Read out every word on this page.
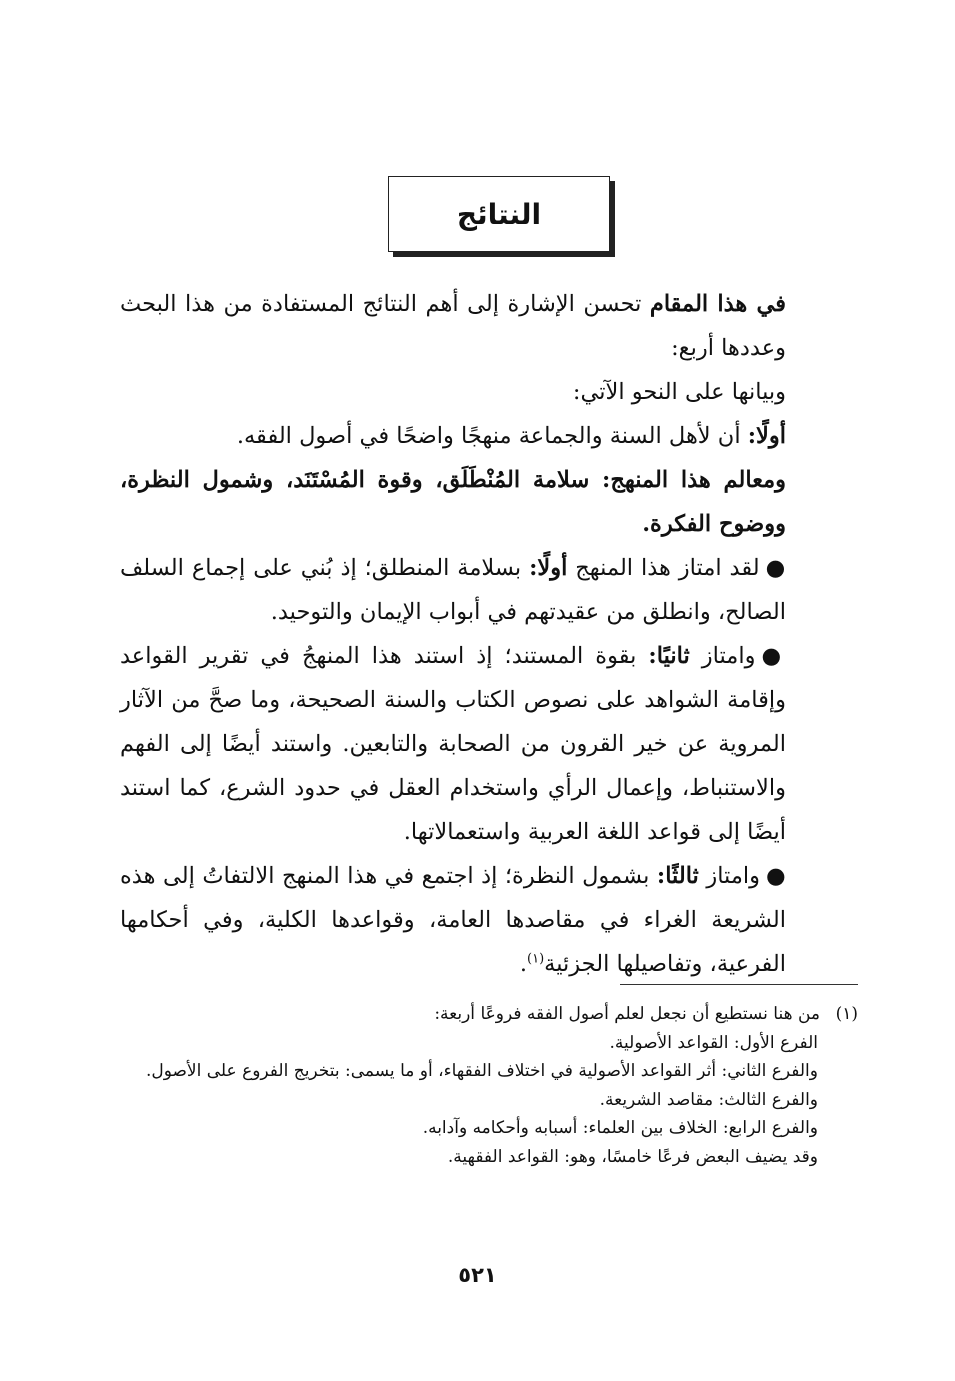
النتائج

في هذا المقام تحسن الإشارة إلى أهم النتائج المستفادة من هذا البحث وعددها أربع:

وبيانها على النحو الآتي:

أولًا: أن لأهل السنة والجماعة منهجًا واضحًا في أصول الفقه.

ومعالم هذا المنهج: سلامة المُنْطَلَق، وقوة المُسْتَنَد، وشمول النظرة، ووضوح الفكرة.

●لقد امتاز هذا المنهج أولًا: بسلامة المنطلق؛ إذ بُني على إجماع السلف الصالح، وانطلق من عقيدتهم في أبواب الإيمان والتوحيد.

●وامتاز ثانيًا: بقوة المستند؛ إذ استند هذا المنهجُ في تقرير القواعد وإقامة الشواهد على نصوص الكتاب والسنة الصحيحة، وما صحَّ من الآثار المروية عن خير القرون من الصحابة والتابعين. واستند أيضًا إلى الفهم والاستنباط، وإعمال الرأي واستخدام العقل في حدود الشرع، كما استند أيضًا إلى قواعد اللغة العربية واستعمالاتها.

●وامتاز ثالثًا: بشمول النظرة؛ إذ اجتمع في هذا المنهج الالتفاتُ إلى هذه الشريعة الغراء في مقاصدها العامة، وقواعدها الكلية، وفي أحكامها الفرعية، وتفاصيلها الجزئية$^{(١)}$.

(١)من هنا نستطيع أن نجعل لعلم أصول الفقه فروعًا أربعة:

الفرع الأول: القواعد الأصولية.

والفرع الثاني: أثر القواعد الأصولية في اختلاف الفقهاء، أو ما يسمى: بتخريج الفروع على الأصول.

والفرع الثالث: مقاصد الشريعة.

والفرع الرابع: الخلاف بين العلماء: أسبابه وأحكامه وآدابه.

وقد يضيف البعض فرعًا خامسًا، وهو: القواعد الفقهية.

٥٢١
